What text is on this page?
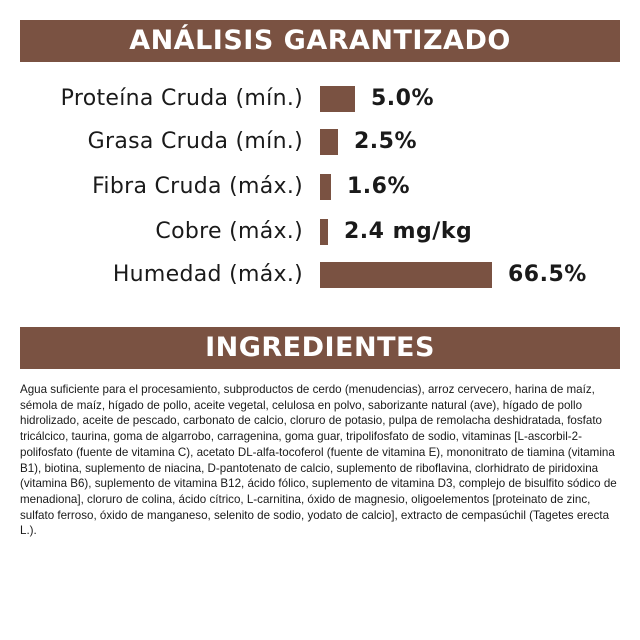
ANÁLISIS GARANTIZADO
Proteína Cruda (mín.)	5.0%
Grasa Cruda (mín.) 2.5%
Fibra Cruda (máx.) 1.6%
Cobre (máx.) 2.4 mg/kg
Humedad (máx.)	66.5%
INGREDIENTES
Agua suficiente para el procesamiento, subproductos de cerdo (menudencias), arroz cervecero, harina de maíz, sémola de maíz, hígado de pollo, aceite vegetal, celulosa en polvo, saborizante natural (ave), hígado de pollo hidrolizado, aceite de pescado, carbonato de calcio, cloruro de potasio, pulpa de remolacha deshidratada, fosfato tricálcico, taurina, goma de algarrobo, carragenina, goma guar, tripolifosfato de sodio, vitaminas [L-ascorbil-2-polifosfato (fuente de vitamina C), acetato DL-alfa-tocoferol (fuente de vitamina E), mononitrato de tiamina (vitamina B1), biotina, suplemento de niacina, D-pantotenato de calcio, suplemento de riboflavina, clorhidrato de piridoxina (vitamina B6), suplemento de vitamina B12, ácido fólico, suplemento de vitamina D3, complejo de bisulfito sódico de menadiona], cloruro de colina, ácido cítrico, L-carnitina, óxido de magnesio, oligoelementos [proteinato de zinc, sulfato ferroso, óxido de manganeso, selenito de sodio, yodato de calcio], extracto de cempasúchil (Tagetes erecta L.).
